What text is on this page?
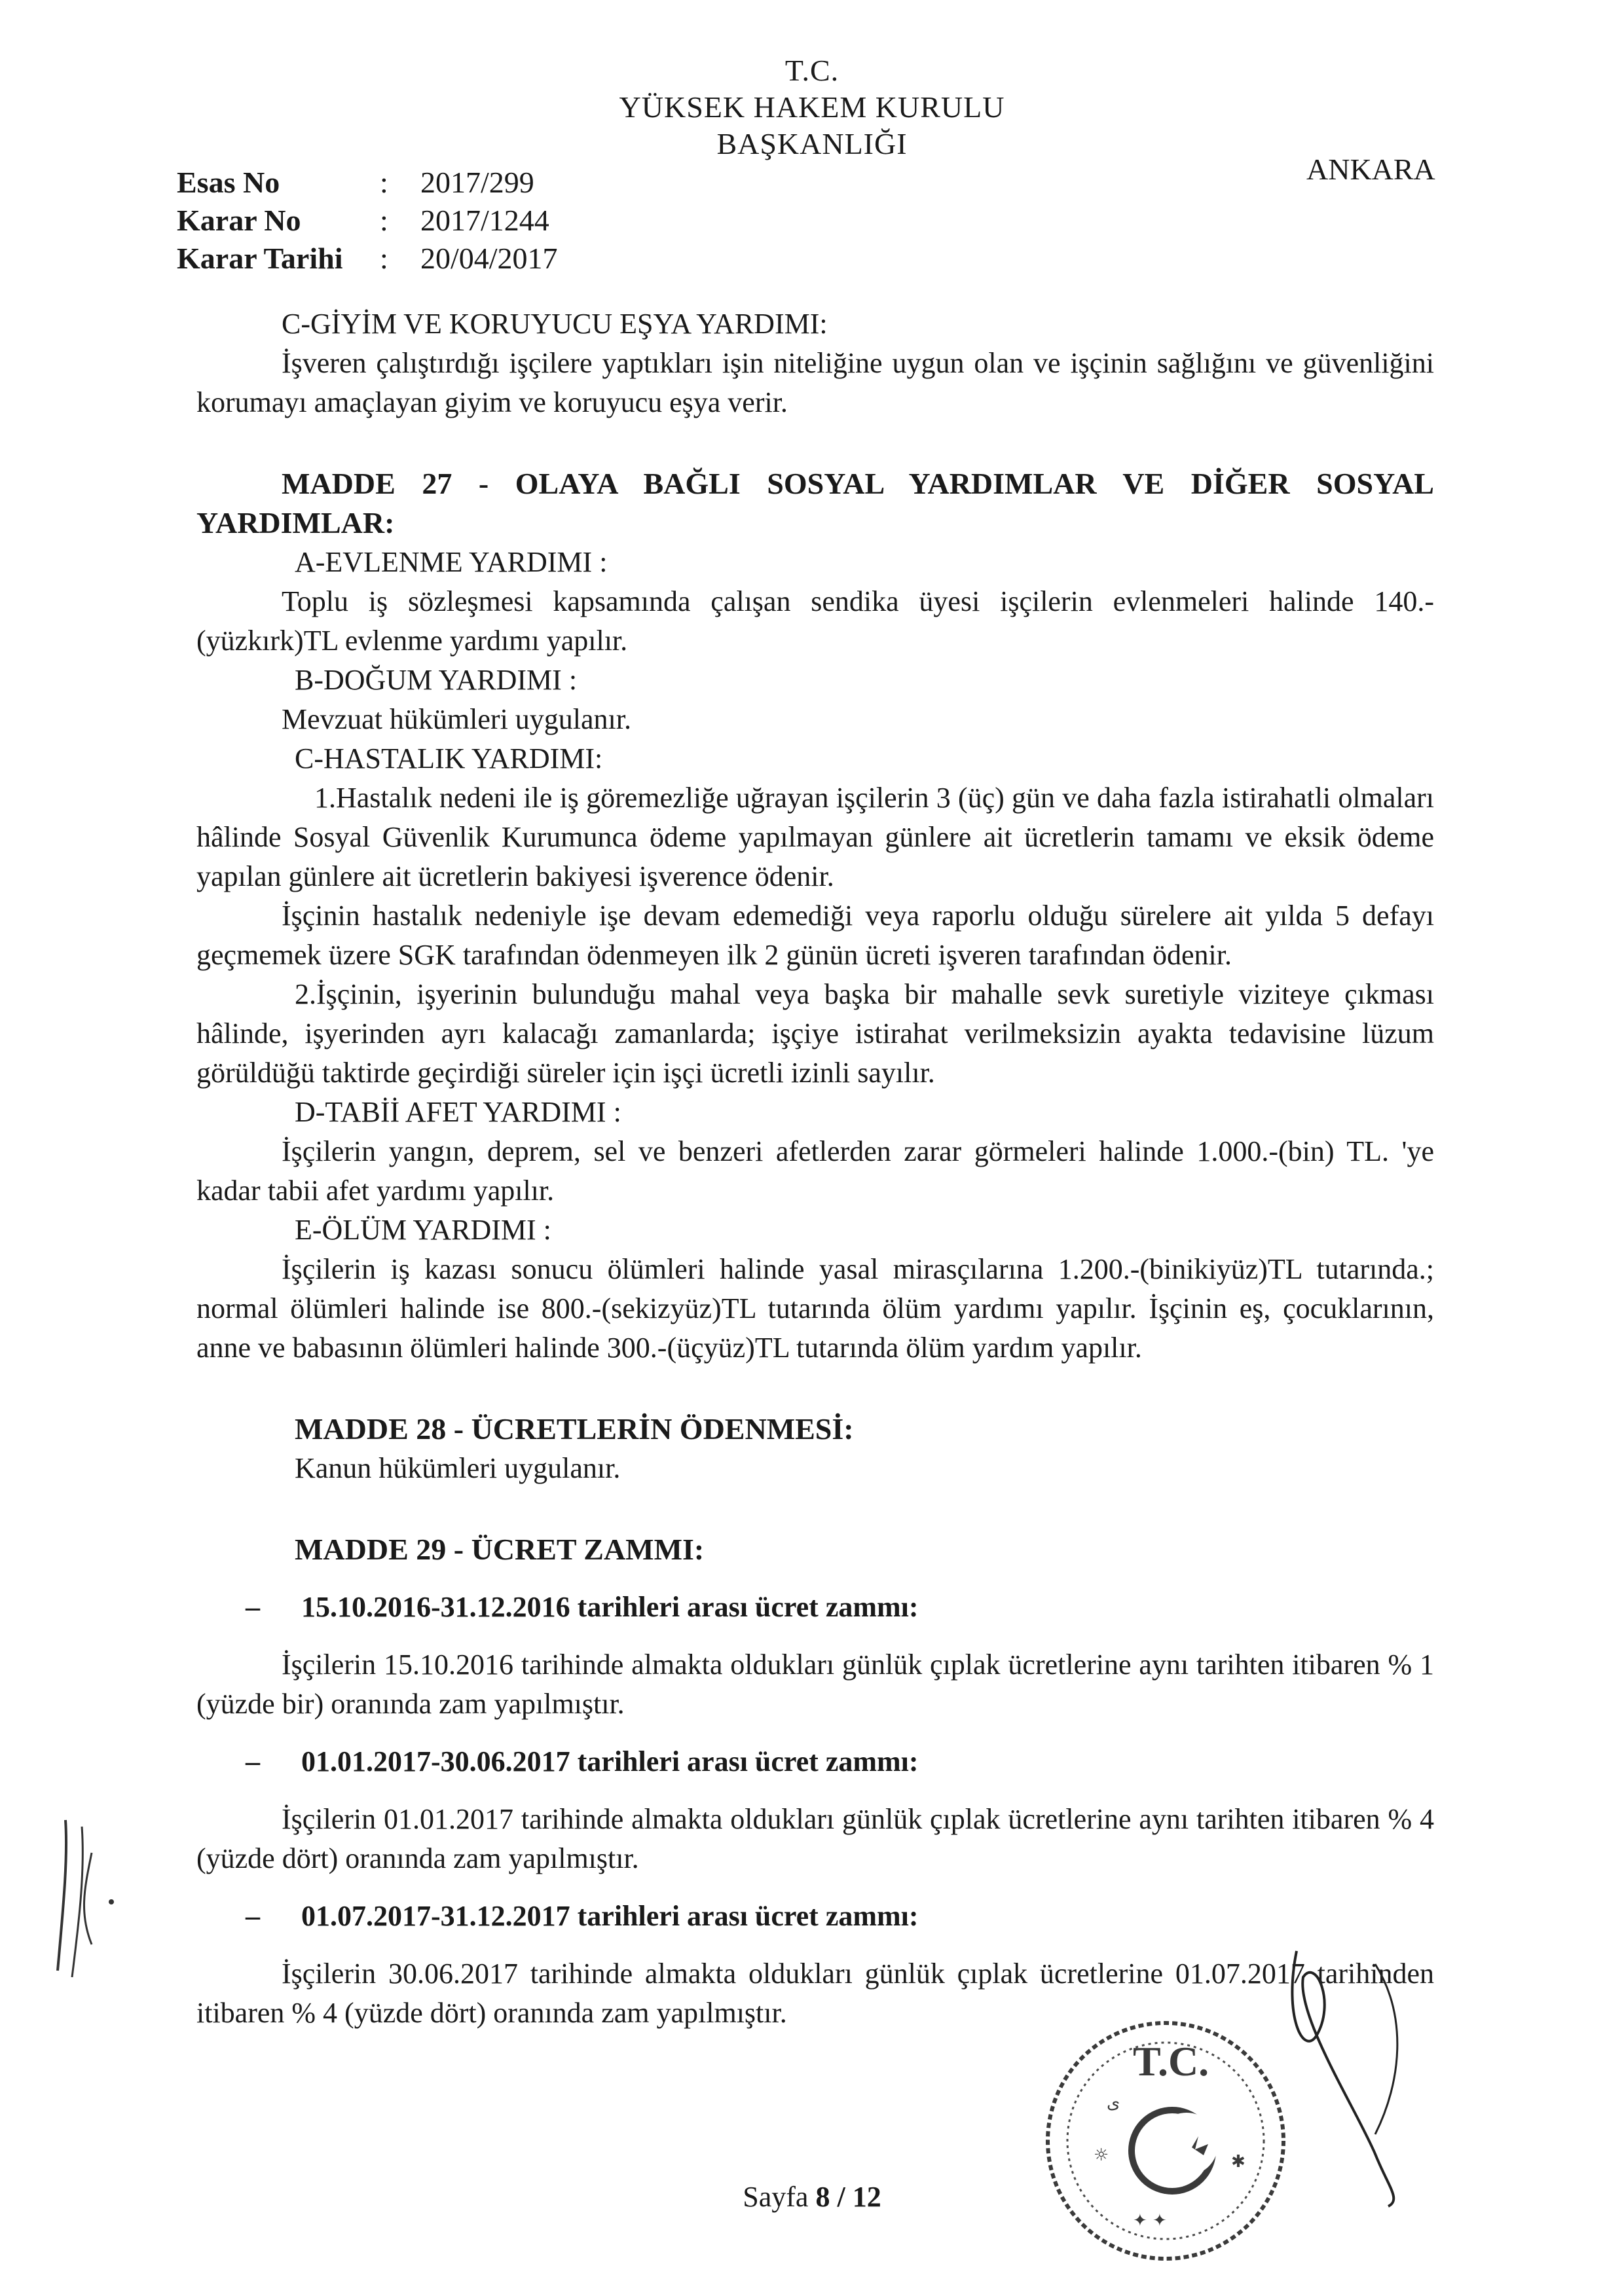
T.C.
YÜKSEK HAKEM KURULU
BAŞKANLIĞI
ANKARA
Esas No	: 2017/299
Karar No	: 2017/1244
Karar Tarihi : 20/04/2017

C-GİYİM VE KORUYUCU EŞYA YARDIMI:

İşveren çalıştırdığı işçilere yaptıkları işin niteliğine uygun olan ve işçinin sağlığını ve güvenliğini korumayı amaçlayan giyim ve koruyucu eşya verir.

MADDE 27 - OLAYA BAĞLI SOSYAL YARDIMLAR VE DİĞER SOSYAL YARDIMLAR:

A-EVLENME YARDIMI :

Toplu iş sözleşmesi kapsamında çalışan sendika üyesi işçilerin evlenmeleri halinde 140.-(yüzkırk)TL evlenme yardımı yapılır.

B-DOĞUM YARDIMI :

Mevzuat hükümleri uygulanır.

C-HASTALIK YARDIMI:

1.Hastalık nedeni ile iş göremezliğe uğrayan işçilerin 3 (üç) gün ve daha fazla istirahatli olmaları hâlinde Sosyal Güvenlik Kurumunca ödeme yapılmayan günlere ait ücretlerin tamamı ve eksik ödeme yapılan günlere ait ücretlerin bakiyesi işverence ödenir.

İşçinin hastalık nedeniyle işe devam edemediği veya raporlu olduğu sürelere ait yılda 5 defayı geçmemek üzere SGK tarafından ödenmeyen ilk 2 günün ücreti işveren tarafından ödenir.

2.İşçinin, işyerinin bulunduğu mahal veya başka bir mahalle sevk suretiyle viziteye çıkması hâlinde, işyerinden ayrı kalacağı zamanlarda; işçiye istirahat verilmeksizin ayakta tedavisine lüzum görüldüğü taktirde geçirdiği süreler için işçi ücretli izinli sayılır.

D-TABİİ AFET YARDIMI :

İşçilerin yangın, deprem, sel ve benzeri afetlerden zarar görmeleri halinde 1.000.-(bin) TL. 'ye kadar tabii afet yardımı yapılır.

E-ÖLÜM YARDIMI :

İşçilerin iş kazası sonucu ölümleri halinde yasal mirasçılarına 1.200.-(binikiyüz)TL tutarında.; normal ölümleri halinde ise 800.-(sekizyüz)TL tutarında ölüm yardımı yapılır. İşçinin eş, çocuklarının, anne ve babasının ölümleri halinde 300.-(üçyüz)TL tutarında ölüm yardım yapılır.

MADDE 28 - ÜCRETLERİN ÖDENMESİ:

Kanun hükümleri uygulanır.

MADDE 29 - ÜCRET ZAMMI:

– 15.10.2016-31.12.2016 tarihleri arası ücret zammı:

İşçilerin 15.10.2016 tarihinde almakta oldukları günlük çıplak ücretlerine aynı tarihten itibaren % 1 (yüzde bir) oranında zam yapılmıştır.

– 01.01.2017-30.06.2017 tarihleri arası ücret zammı:

İşçilerin 01.01.2017 tarihinde almakta oldukları günlük çıplak ücretlerine aynı tarihten itibaren % 4 (yüzde dört) oranında zam yapılmıştır.

– 01.07.2017-31.12.2017 tarihleri arası ücret zammı:

İşçilerin 30.06.2017 tarihinde almakta oldukları günlük çıplak ücretlerine 01.07.2017 tarihinden itibaren % 4 (yüzde dört) oranında zam yapılmıştır.

ى
☼	✱
✦ ✦
T.C.
Sayfa 8 / 12
